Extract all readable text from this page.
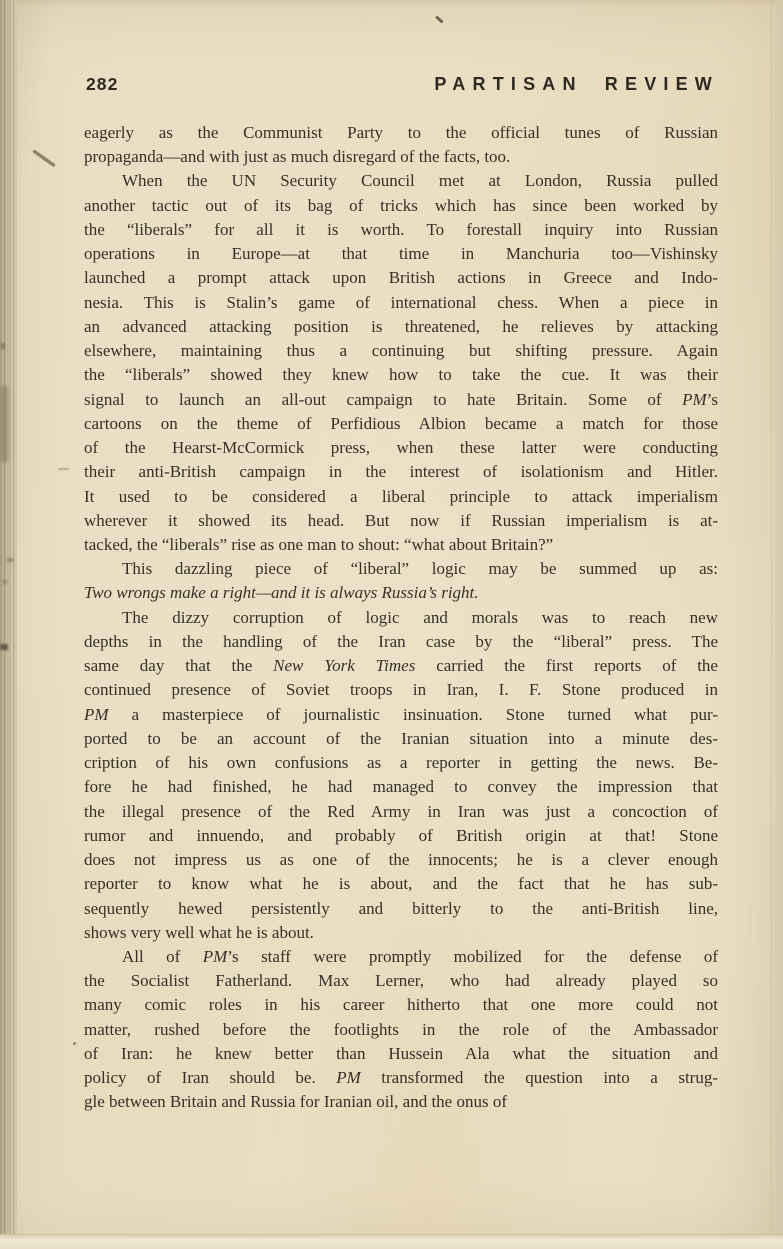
282	PARTISAN REVIEW
eagerly as the Communist Party to the official tunes of Russian
propaganda—and with just as much disregard of the facts, too.
When the UN Security Council met at London, Russia pulled
another tactic out of its bag of tricks which has since been worked by
the “liberals” for all it is worth. To forestall inquiry into Russian
operations in Europe—at that time in Manchuria too—Vishinsky
launched a prompt attack upon British actions in Greece and Indo-
nesia. This is Stalin’s game of international chess. When a piece in
an advanced attacking position is threatened, he relieves by attacking
elsewhere, maintaining thus a continuing but shifting pressure. Again
the “liberals” showed they knew how to take the cue. It was their
signal to launch an all-out campaign to hate Britain. Some of PM’s
cartoons on the theme of Perfidious Albion became a match for those
of the Hearst-McCormick press, when these latter were conducting
their anti-British campaign in the interest of isolationism and Hitler.
It used to be considered a liberal principle to attack imperialism
wherever it showed its head. But now if Russian imperialism is at-
tacked, the “liberals” rise as one man to shout: “what about Britain?”
This dazzling piece of “liberal” logic may be summed up as:
Two wrongs make a right—and it is always Russia’s right.
The dizzy corruption of logic and morals was to reach new
depths in the handling of the Iran case by the “liberal” press. The
same day that the New York Times carried the first reports of the
continued presence of Soviet troops in Iran, I. F. Stone produced in
PM a masterpiece of journalistic insinuation. Stone turned what pur-
ported to be an account of the Iranian situation into a minute des-
cription of his own confusions as a reporter in getting the news. Be-
fore he had finished, he had managed to convey the impression that
the illegal presence of the Red Army in Iran was just a concoction of
rumor and innuendo, and probably of British origin at that! Stone
does not impress us as one of the innocents; he is a clever enough
reporter to know what he is about, and the fact that he has sub-
sequently hewed persistently and bitterly to the anti-British line,
shows very well what he is about.
All of PM’s staff were promptly mobilized for the defense of
the Socialist Fatherland. Max Lerner, who had already played so
many comic roles in his career hitherto that one more could not
matter, rushed before the footlights in the role of the Ambassador
of Iran: he knew better than Hussein Ala what the situation and
policy of Iran should be. PM transformed the question into a strug-
gle between Britain and Russia for Iranian oil, and the onus of
